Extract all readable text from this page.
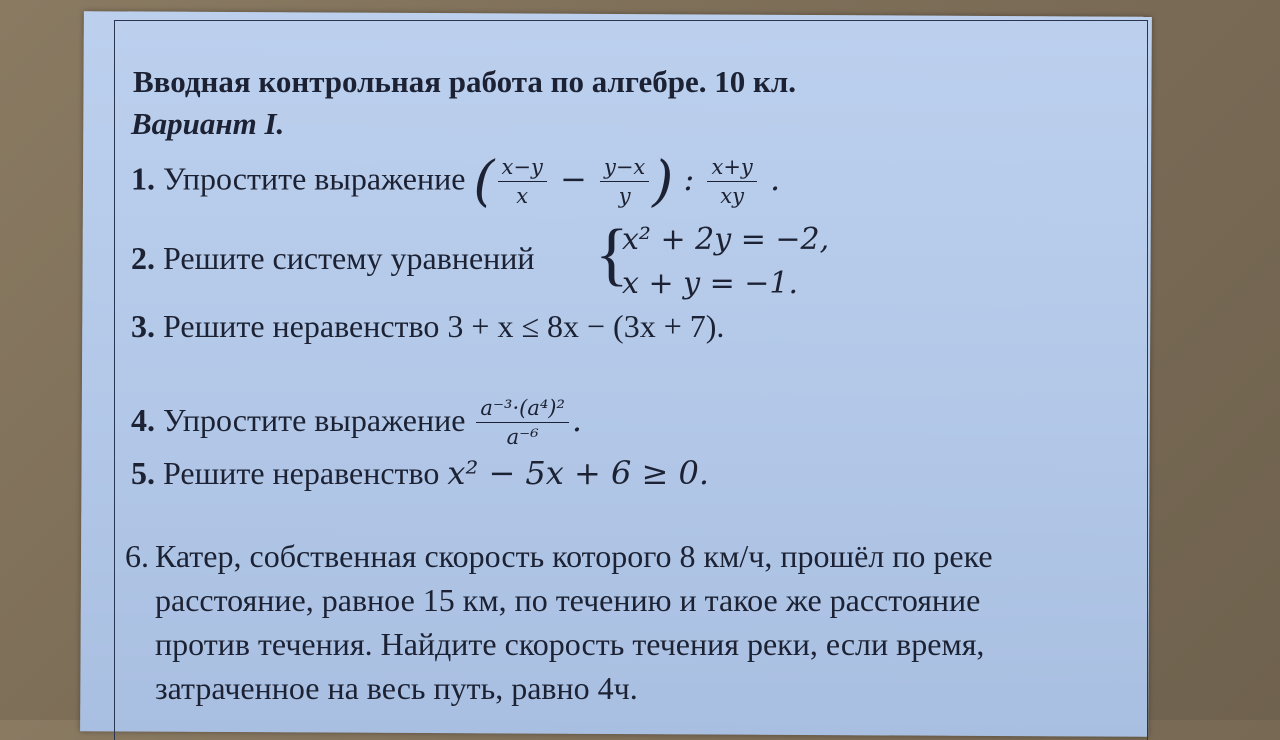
Вводная контрольная работа по алгебре. 10 кл.
Вариант I.
1. Упростите выражение ( $\frac{x-y}{x} - \frac{y-x}{y}$ ) : $\frac{x+y}{xy}$ .
2. Решите систему уравнений {
x² + 2y = −2,
x + y = −1.
3. Решите неравенство 3 + x ≤ 8x − (3x + 7).
4. Упростите выражение $\frac{\text{a⁻³·(a⁴)²}}{\text{a⁻⁶}}$ .
5. Решите неравенство x² − 5x + 6 ≥ 0.
6. Катер, собственная скорость которого 8 км/ч, прошёл по реке
расстояние, равное 15 км, по течению и такое же расстояние
против течения. Найдите скорость течения реки, если время,
затраченное на весь путь, равно 4ч.
